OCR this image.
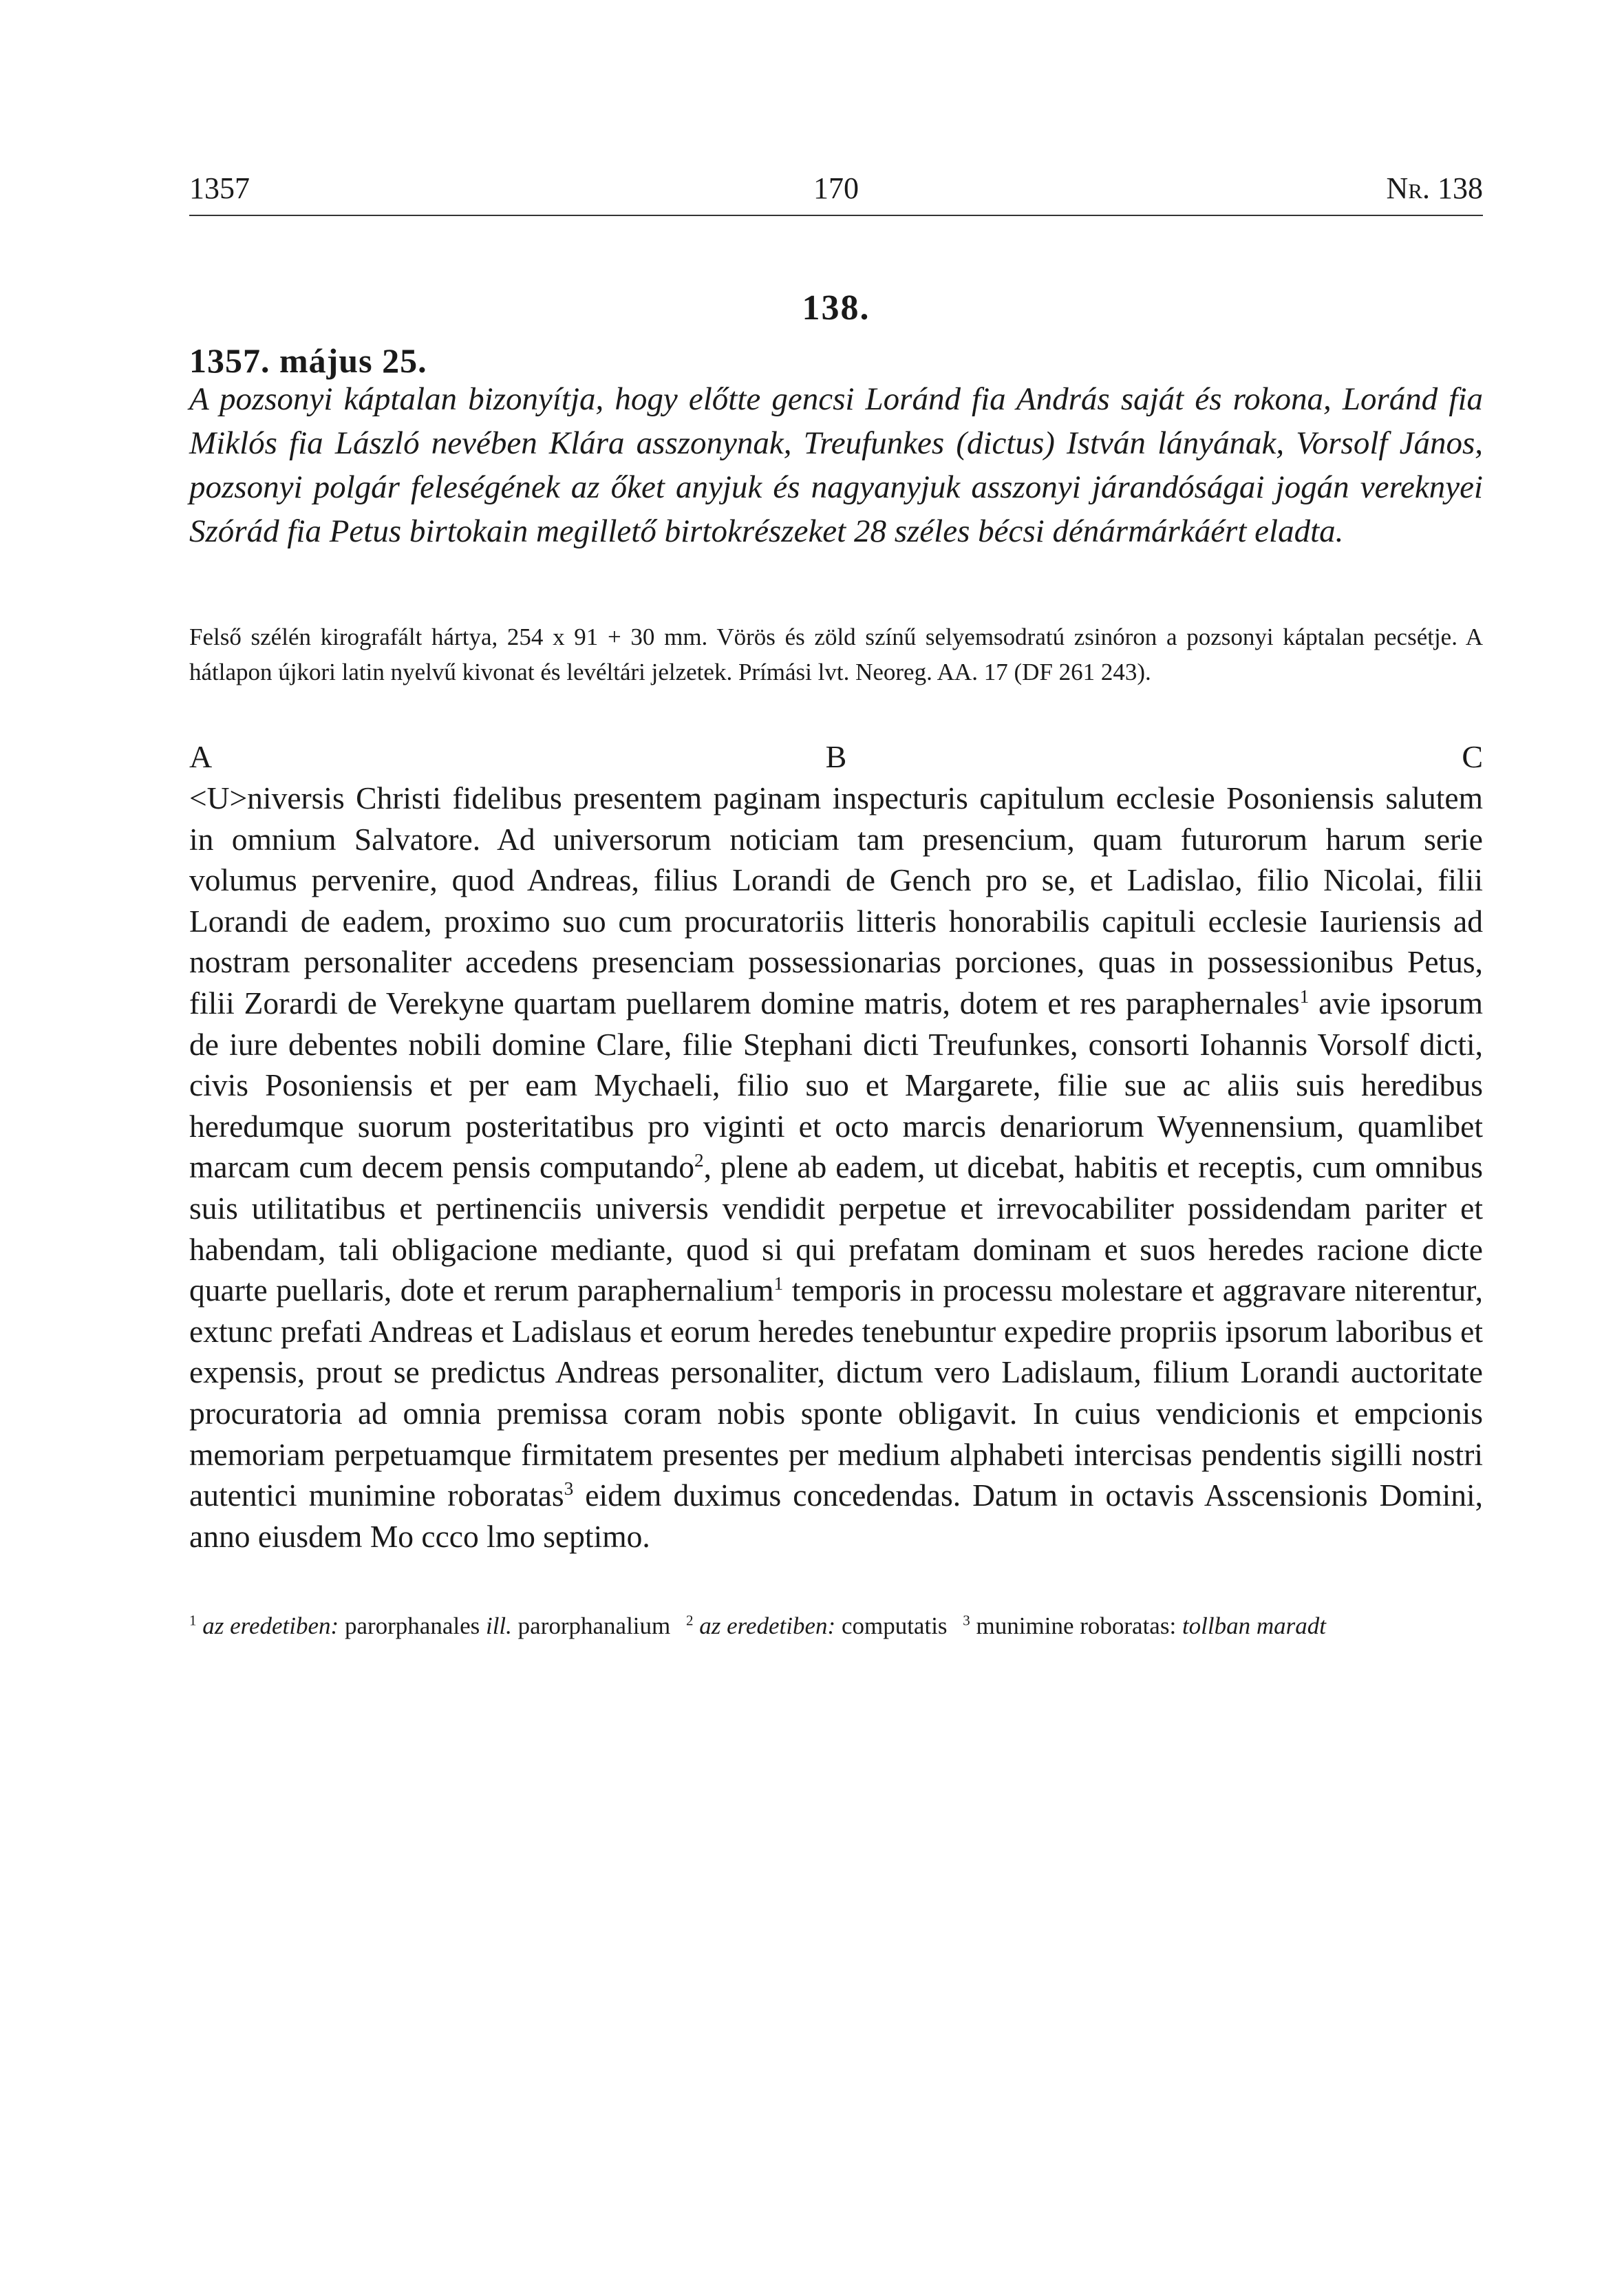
1357	170	Nr. 138
138.
1357. május 25.
A pozsonyi káptalan bizonyítja, hogy előtte gencsi Loránd fia András saját és rokona, Loránd fia Miklós fia László nevében Klára asszonynak, Treufunkes (dictus) István lányának, Vorsolf János, pozsonyi polgár feleségének az őket anyjuk és nagyanyjuk asszonyi járandóságai jogán vereknyei Szórád fia Petus birtokain megillető birtokrészeket 28 széles bécsi dénármárkáért eladta.
Felső szélén kirografált hártya, 254 x 91 + 30 mm. Vörös és zöld színű selyemsodratú zsinóron a pozsonyi káptalan pecsétje. A hátlapon újkori latin nyelvű kivonat és levéltári jelzetek. Prímási lvt. Neoreg. AA. 17 (DF 261 243).
A	B	C
<U>niversis Christi fidelibus presentem paginam inspecturis capitulum ecclesie Posoniensis salutem in omnium Salvatore. Ad universorum noticiam tam presencium, quam futurorum harum serie volumus pervenire, quod Andreas, filius Lorandi de Gench pro se, et Ladislao, filio Nicolai, filii Lorandi de eadem, proximo suo cum procuratoriis litteris honorabilis capituli ecclesie Iauriensis ad nostram personaliter accedens presenciam possessionarias porciones, quas in possessionibus Petus, filii Zorardi de Verekyne quartam puellarem domine matris, dotem et res paraphernales$^1$ avie ipsorum de iure debentes nobili domine Clare, filie Stephani dicti Treufunkes, consorti Iohannis Vorsolf dicti, civis Posoniensis et per eam Mychaeli, filio suo et Margarete, filie sue ac aliis suis heredibus heredumque suorum posteritatibus pro viginti et octo marcis denariorum Wyennensium, quamlibet marcam cum decem pensis computando$^2$, plene ab eadem, ut dicebat, habitis et receptis, cum omnibus suis utilitatibus et pertinenciis universis vendidit perpetue et irrevocabiliter possidendam pariter et habendam, tali obligacione mediante, quod si qui prefatam dominam et suos heredes racione dicte quarte puellaris, dote et rerum paraphernalium$^1$ temporis in processu molestare et aggravare niterentur, extunc prefati Andreas et Ladislaus et eorum heredes tenebuntur expedire propriis ipsorum laboribus et expensis, prout se predictus Andreas personaliter, dictum vero Ladislaum, filium Lorandi auctoritate procuratoria ad omnia premissa coram nobis sponte obligavit. In cuius vendicionis et empcionis memoriam perpetuamque firmitatem presentes per medium alphabeti intercisas pendentis sigilli nostri autentici munimine roboratas$^3$ eidem duximus concedendas. Datum in octavis Asscensionis Domini, anno eiusdem Mo ccco lmo septimo.
$^1$ az eredetiben: parorphanales ill. parorphanalium $^2$ az eredetiben: computatis $^3$ munimine roboratas: tollban maradt
